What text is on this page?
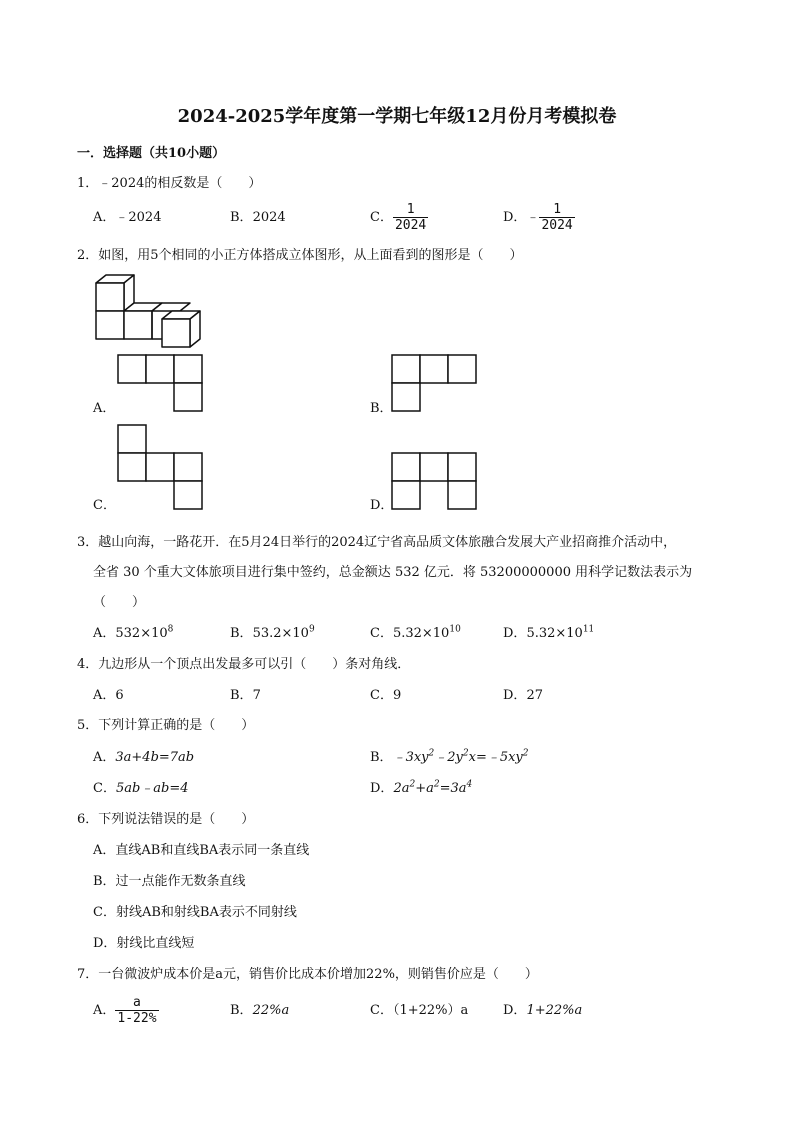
2024-2025学年度第一学期七年级12月份月考模拟卷
一．选择题（共10小题）
1．﹣2024的相反数是（　　）
A．﹣2024	B．2024	C． $\frac{1}{2024}$	D．﹣ $\frac{1}{2024}$
2．如图，用5个相同的小正方体搭成立体图形，从上面看到的图形是（　　）
A．	B．
C．	D．
3．越山向海，一路花开．在5月24日举行的2024辽宁省高品质文体旅融合发展大产业招商推介活动中，
全省 30 个重大文体旅项目进行集中签约，总金额达 532 亿元．将 53200000000 用科学记数法表示为
（　　）
A．$532\times 10^8$	B．$53.2\times 10^9$	C．$5.32\times 10^{10}$	D．$5.32\times 10^{11}$
4．九边形从一个顶点出发最多可以引（　　）条对角线．
A．6	B．7	C．9	D．27
5．下列计算正确的是（　　）
A．3a+4b=7ab	B．$﹣3xy^2﹣2y^2x=﹣5xy^2$
C．5ab﹣ab=4	D．$2a^2+a^2=3a^4$
6．下列说法错误的是（　　）
A．直线AB和直线BA表示同一条直线
B．过一点能作无数条直线
C．射线AB和射线BA表示不同射线
D．射线比直线短
7．一台微波炉成本价是a元，销售价比成本价增加22%，则销售价应是（　　）
A． $\frac{a}{1-22\%}$	B．22%a	C．（1+22%）a	D．1+22%a
